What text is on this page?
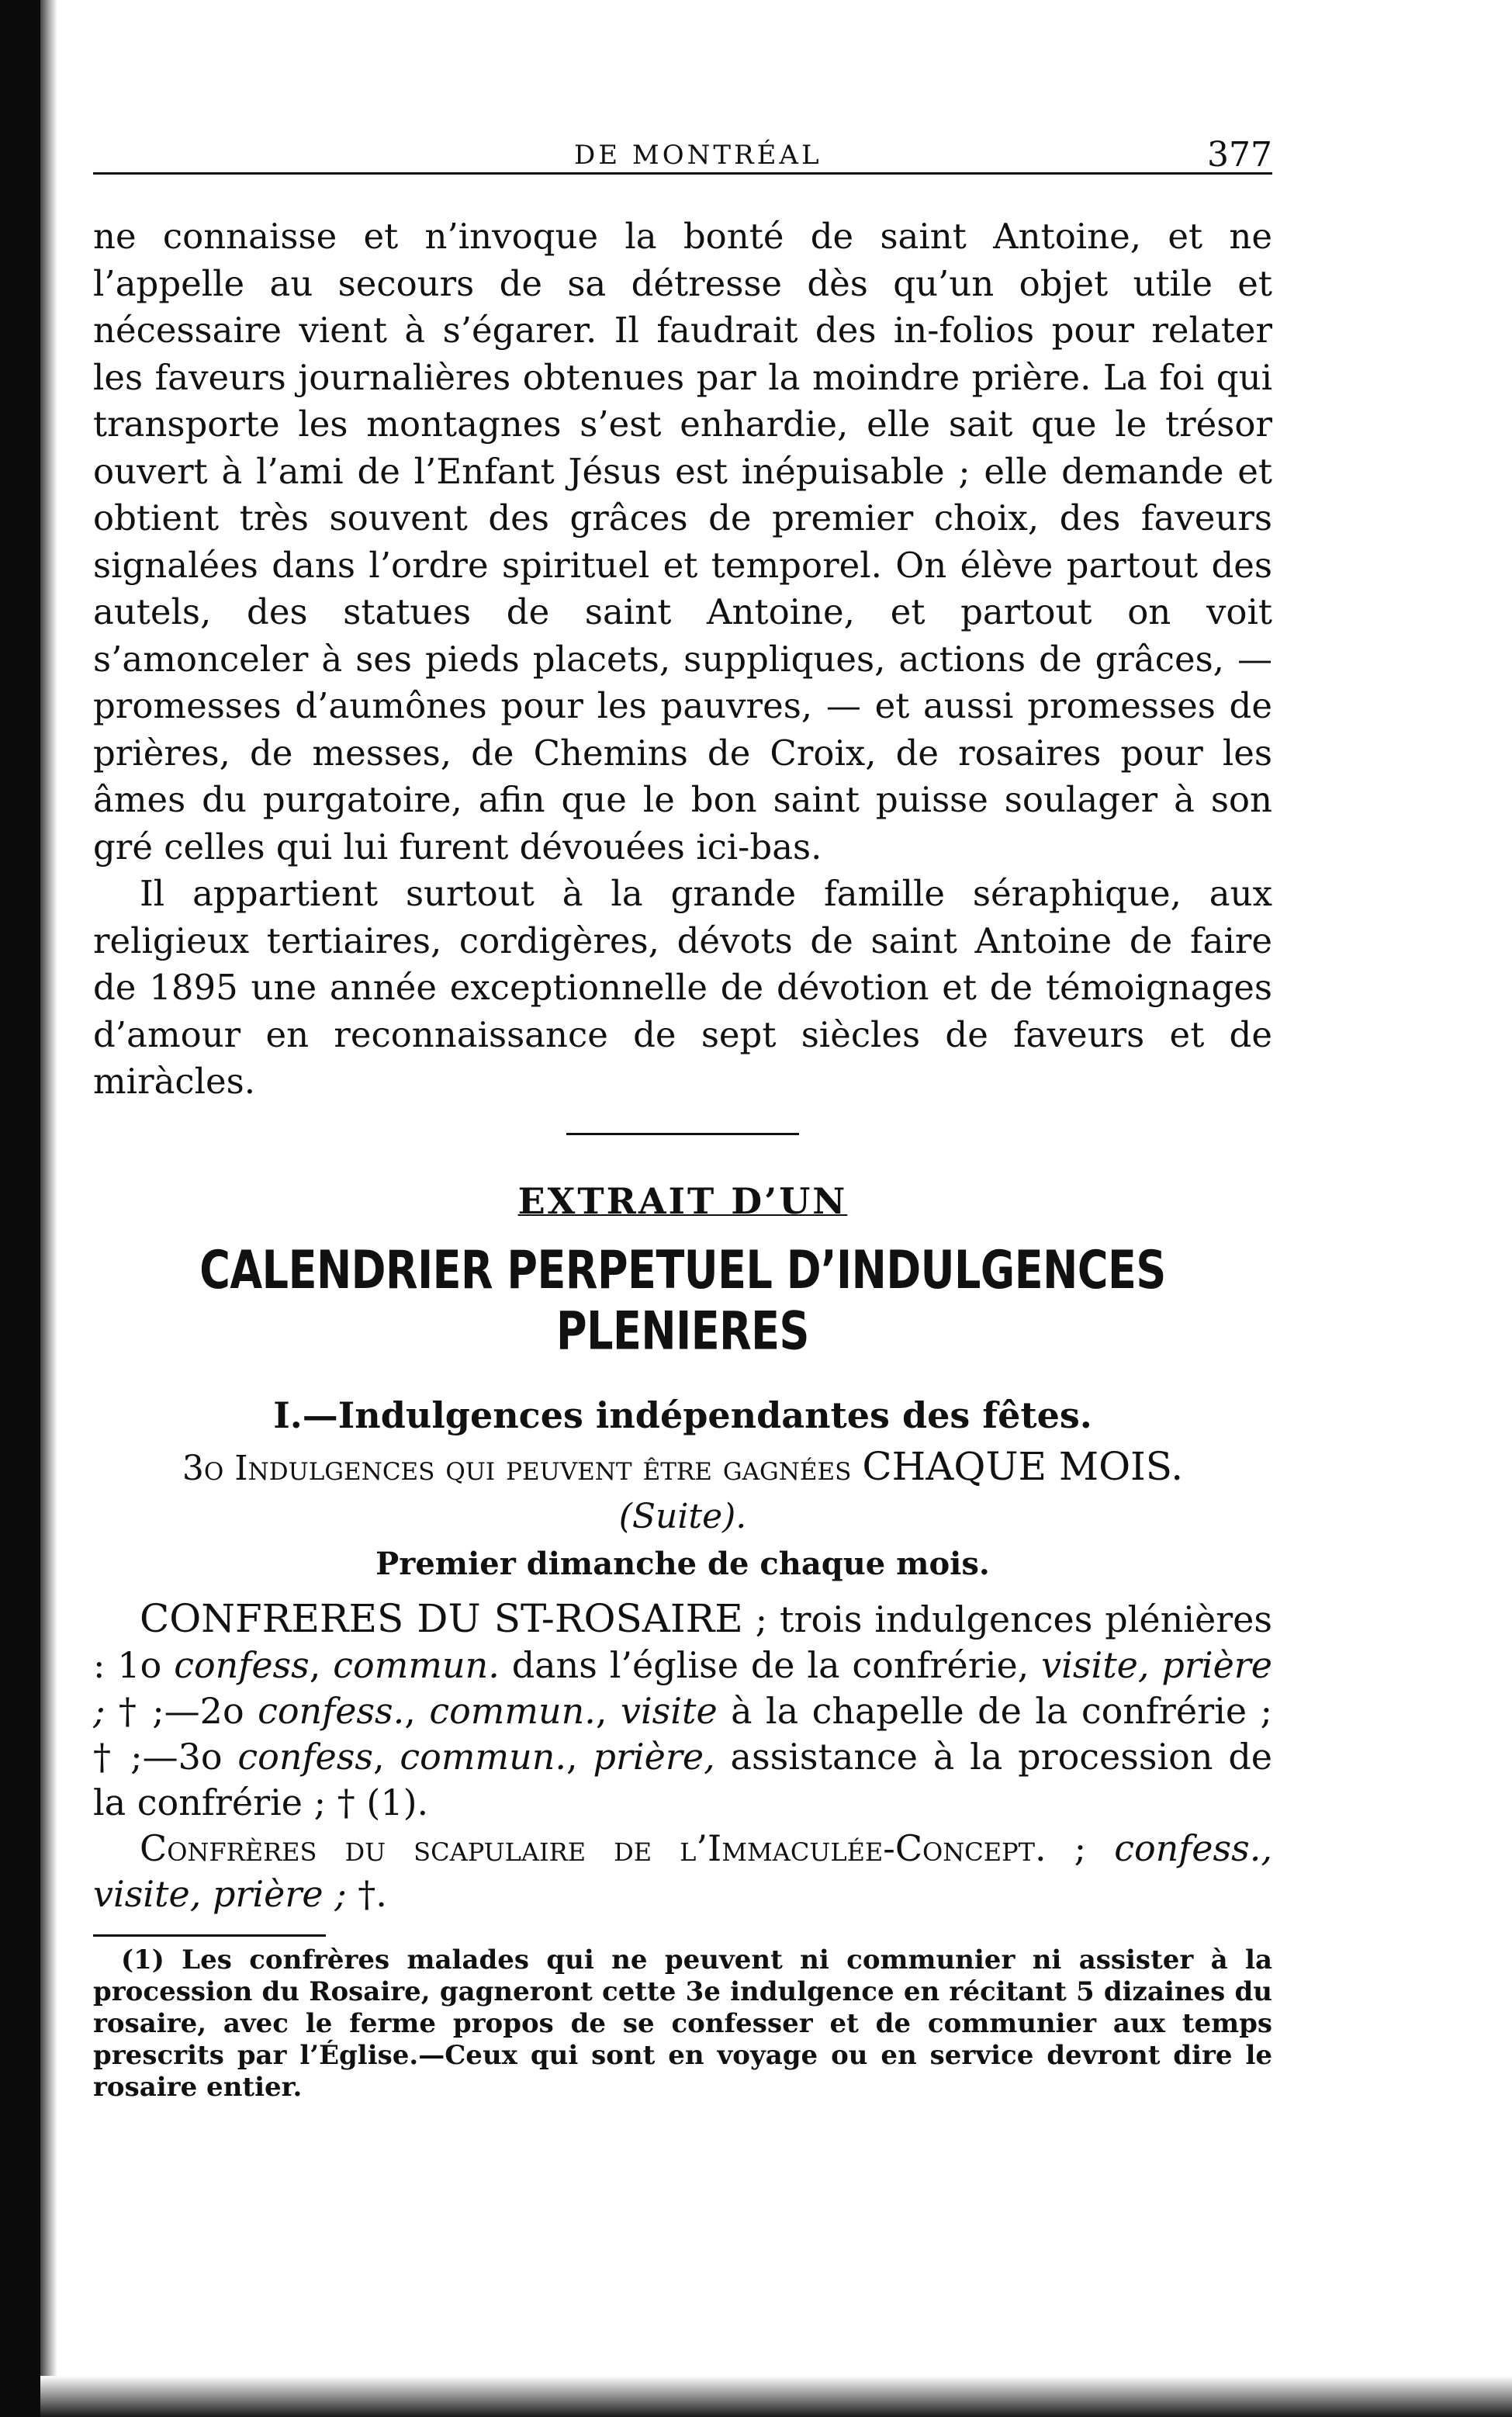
DE MONTRÉAL	377

ne connaisse et n’invoque la bonté de saint Antoine, et ne l’appelle au secours de sa détresse dès qu’un objet utile et nécessaire vient à s’égarer. Il faudrait des in-folios pour relater les faveurs journalières obtenues par la moindre prière. La foi qui transporte les montagnes s’est enhardie, elle sait que le trésor ouvert à l’ami de l’Enfant Jésus est inépuisable ; elle demande et obtient très souvent des grâces de premier choix, des faveurs signalées dans l’ordre spirituel et temporel. On élève partout des autels, des statues de saint Antoine, et partout on voit s’amonceler à ses pieds placets, suppliques, actions de grâces, — promesses d’aumônes pour les pauvres, — et aussi promesses de prières, de messes, de Chemins de Croix, de rosaires pour les âmes du purgatoire, afin que le bon saint puisse soulager à son gré celles qui lui furent dévouées ici-bas.

Il appartient surtout à la grande famille séraphique, aux religieux tertiaires, cordigères, dévots de saint Antoine de faire de 1895 une année exceptionnelle de dévotion et de témoignages d’amour en reconnaissance de sept siècles de faveurs et de miràcles.

EXTRAIT D’UN
CALENDRIER PERPETUEL D’INDULGENCES PLENIERES
I.—Indulgences indépendantes des fêtes.
3o Indulgences qui peuvent être gagnées CHAQUE MOIS.
(Suite).
Premier dimanche de chaque mois.

CONFRERES DU ST-ROSAIRE ; trois indulgences plénières : 1o confess, commun. dans l’église de la confrérie, visite, prière ; † ;—2o confess., commun., visite à la chapelle de la confrérie ; † ;—3o confess, commun., prière, assistance à la procession de la confrérie ; † (1).

Confrères du scapulaire de l’Immaculée-Concept. ; confess., visite, prière ; †.

(1) Les confrères malades qui ne peuvent ni communier ni assister à la procession du Rosaire, gagneront cette 3e indulgence en récitant 5 dizaines du rosaire, avec le ferme propos de se confesser et de communier aux temps prescrits par l’Église.—Ceux qui sont en voyage ou en service devront dire le rosaire entier.
